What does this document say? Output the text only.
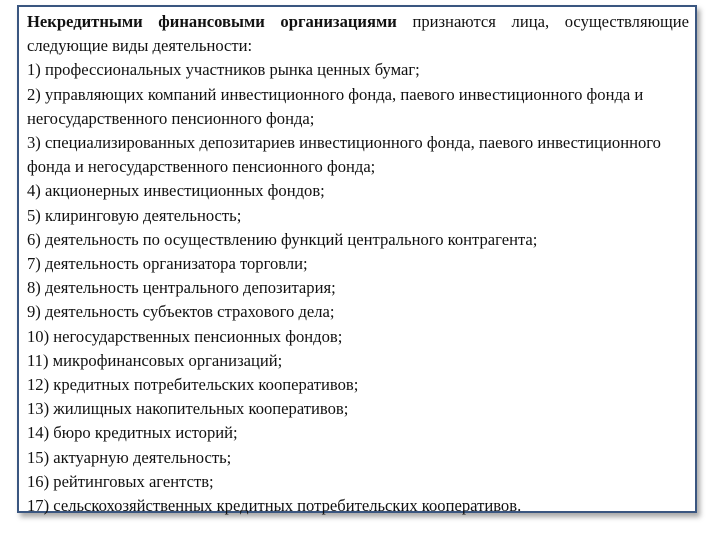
Некредитными финансовыми организациями признаются лица, осуществляющие следующие виды деятельности:

1) профессиональных участников рынка ценных бумаг;

2) управляющих компаний инвестиционного фонда, паевого инвестиционного фонда и негосударственного пенсионного фонда;

3) специализированных депозитариев инвестиционного фонда, паевого инвестиционного фонда и негосударственного пенсионного фонда;

4) акционерных инвестиционных фондов;

5) клиринговую деятельность;

6) деятельность по осуществлению функций центрального контрагента;

7) деятельность организатора торговли;

8) деятельность центрального депозитария;

9) деятельность субъектов страхового дела;

10) негосударственных пенсионных фондов;

11) микрофинансовых организаций;

12) кредитных потребительских кооперативов;

13) жилищных накопительных кооперативов;

14) бюро кредитных историй;

15) актуарную деятельность;

16) рейтинговых агентств;

17) сельскохозяйственных кредитных потребительских кооперативов.
